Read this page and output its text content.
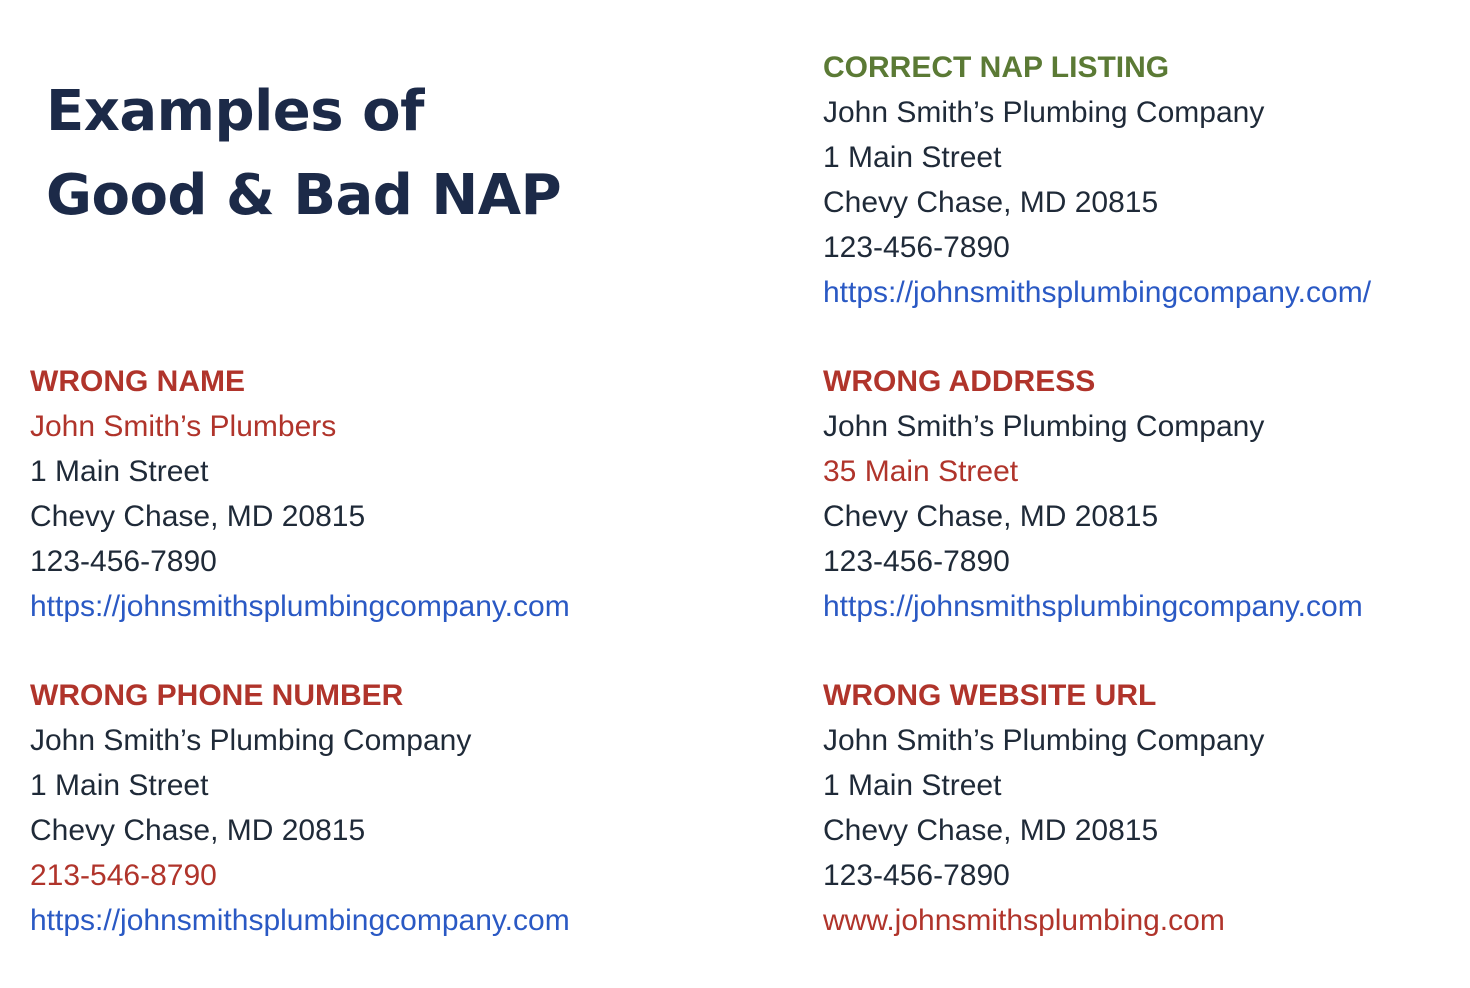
Examples of
Good & Bad NAP
CORRECT NAP LISTING
John Smith’s Plumbing Company
1 Main Street
Chevy Chase, MD 20815
123-456-7890
https://johnsmithsplumbingcompany.com/
WRONG NAME
John Smith’s Plumbers
1 Main Street
Chevy Chase, MD 20815
123-456-7890
https://johnsmithsplumbingcompany.com
WRONG ADDRESS
John Smith’s Plumbing Company
35 Main Street
Chevy Chase, MD 20815
123-456-7890
https://johnsmithsplumbingcompany.com
WRONG PHONE NUMBER
John Smith’s Plumbing Company
1 Main Street
Chevy Chase, MD 20815
213-546-8790
https://johnsmithsplumbingcompany.com
WRONG WEBSITE URL
John Smith’s Plumbing Company
1 Main Street
Chevy Chase, MD 20815
123-456-7890
www.johnsmithsplumbing.com
